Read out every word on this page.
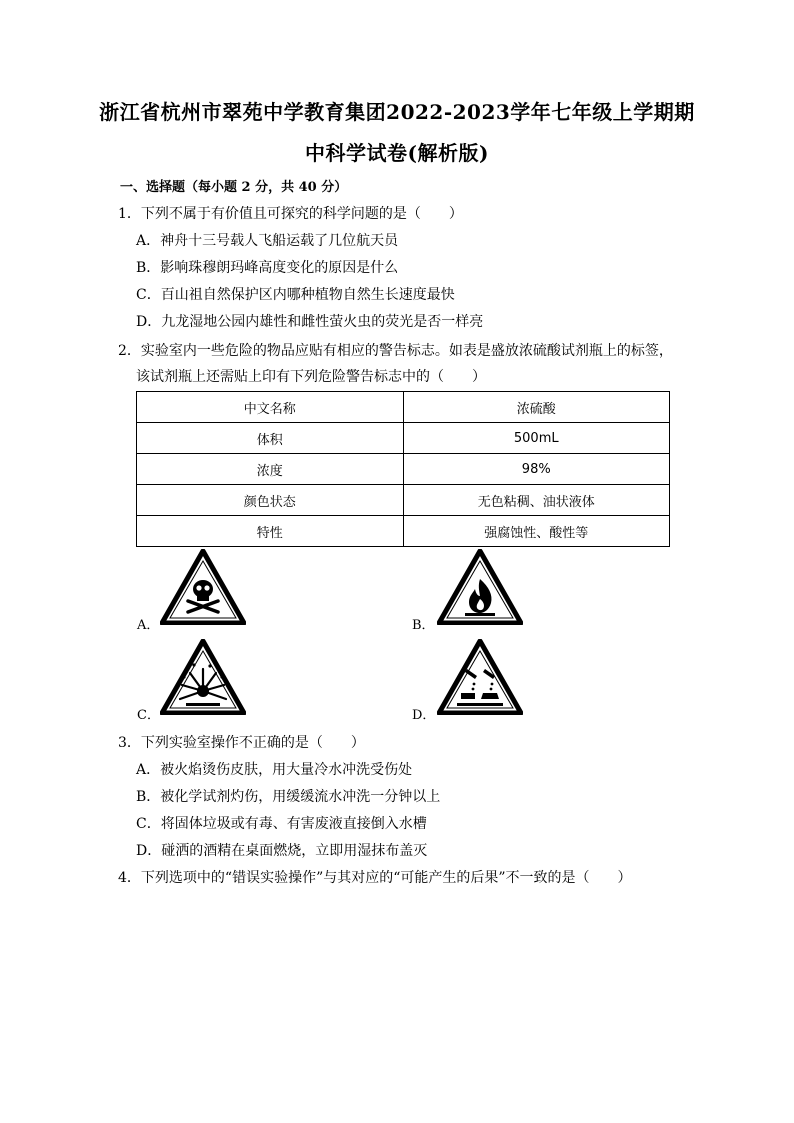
浙江省杭州市翠苑中学教育集团2022-2023学年七年级上学期期
中科学试卷(解析版)
一、选择题（每小题 2 分，共 40 分）
1．下列不属于有价值且可探究的科学问题的是（　　）
A．神舟十三号载人飞船运载了几位航天员
B．影响珠穆朗玛峰高度变化的原因是什么
C．百山祖自然保护区内哪种植物自然生长速度最快
D．九龙湿地公园内雄性和雌性萤火虫的荧光是否一样亮
2．实验室内一些危险的物品应贴有相应的警告标志。如表是盛放浓硫酸试剂瓶上的标签，
该试剂瓶上还需贴上印有下列危险警告标志中的（　　）
中文名称	浓硫酸
体积	500mL
浓度	98%
颜色状态	无色粘稠、油状液体
特性	强腐蚀性、酸性等
A．	B．
C．	D．
3．下列实验室操作不正确的是（　　）
A．被火焰烫伤皮肤，用大量冷水冲洗受伤处
B．被化学试剂灼伤，用缓缓流水冲洗一分钟以上
C．将固体垃圾或有毒、有害废液直接倒入水槽
D．碰洒的酒精在桌面燃烧，立即用湿抹布盖灭
4．下列选项中的“错误实验操作”与其对应的“可能产生的后果”不一致的是（　　）
